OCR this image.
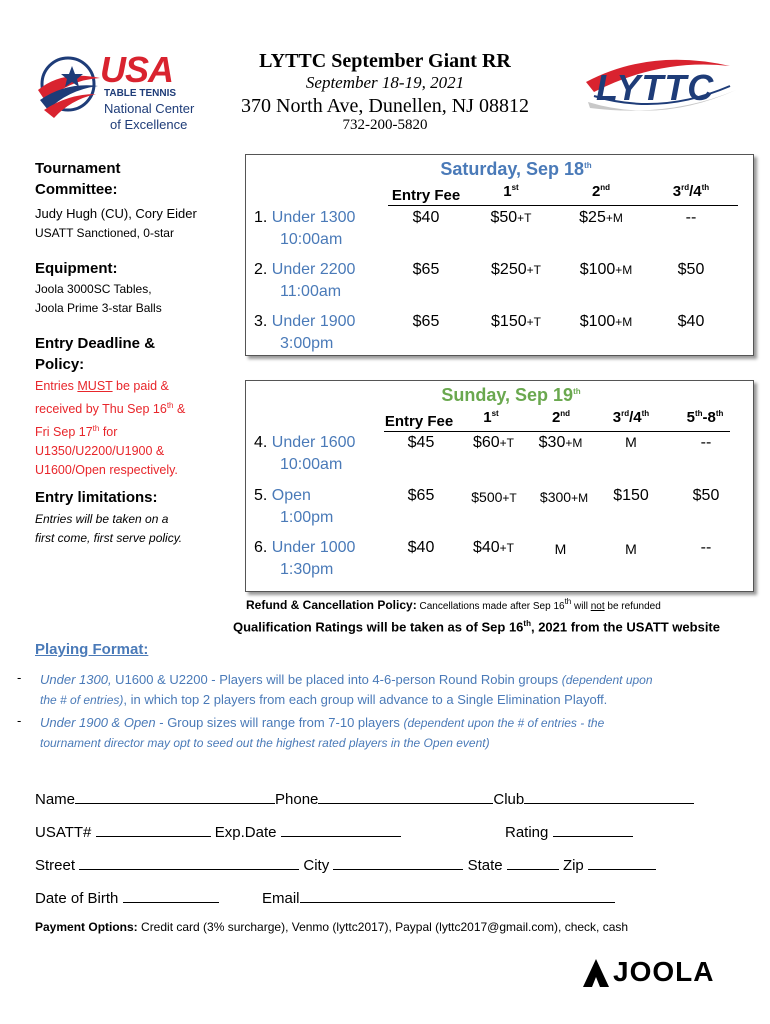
USA
TABLE TENNIS
National Center
of Excellence
LYTTC
LYTTC September Giant RR
September 18-19, 2021
370 North Ave, Dunellen, NJ 08812
732-200-5820
Tournament
Committee:
Judy Hugh (CU), Cory Eider
USATT Sanctioned, 0-star
Equipment:
Joola 3000SC Tables,
Joola Prime 3-star Balls
Entry Deadline &
Policy:
Entries MUST be paid &
received by Thu Sep 16th &
Fri Sep 17th for
U1350/U2200/U1900 &
U1600/Open respectively.
Entry limitations:
Entries will be taken on a
first come, first serve policy.
Saturday, Sep 18th
Entry Fee	1st	2nd	3rd/4th
1. Under 1300
10:00am
$40	$50+T	$25+M	--
2. Under 2200
11:00am
$65	$250+T	$100+M	$50
3. Under 1900
3:00pm
$65	$150+T	$100+M	$40
Sunday, Sep 19th
Entry Fee	1st	2nd	3rd/4th	5th-8th
4. Under 1600
10:00am
$45	$60+T	$30+M	M	--
5. Open
1:00pm
$65	$500+T	$300+M	$150	$50
6. Under 1000
1:30pm
$40	$40+T	M	M	--
Refund & Cancellation Policy: Cancellations made after Sep 16th will not be refunded
Qualification Ratings will be taken as of Sep 16th, 2021 from the USATT website
Playing Format:
- Under 1300, U1600 & U2200 - Players will be placed into 4-6-person Round Robin groups (dependent upon
the # of entries), in which top 2 players from each group will advance to a Single Elimination Playoff.
- Under 1900 & Open - Group sizes will range from 7-10 players (dependent upon the # of entries - the
tournament director may opt to seed out the highest rated players in the Open event)
Name	Phone	Club
USATT#	Exp.Date	Rating
Street	City	State	Zip
Date of Birth	Email
Payment Options: Credit card (3% surcharge), Venmo (lyttc2017), Paypal (lyttc2017@gmail.com), check, cash
JOOLA
